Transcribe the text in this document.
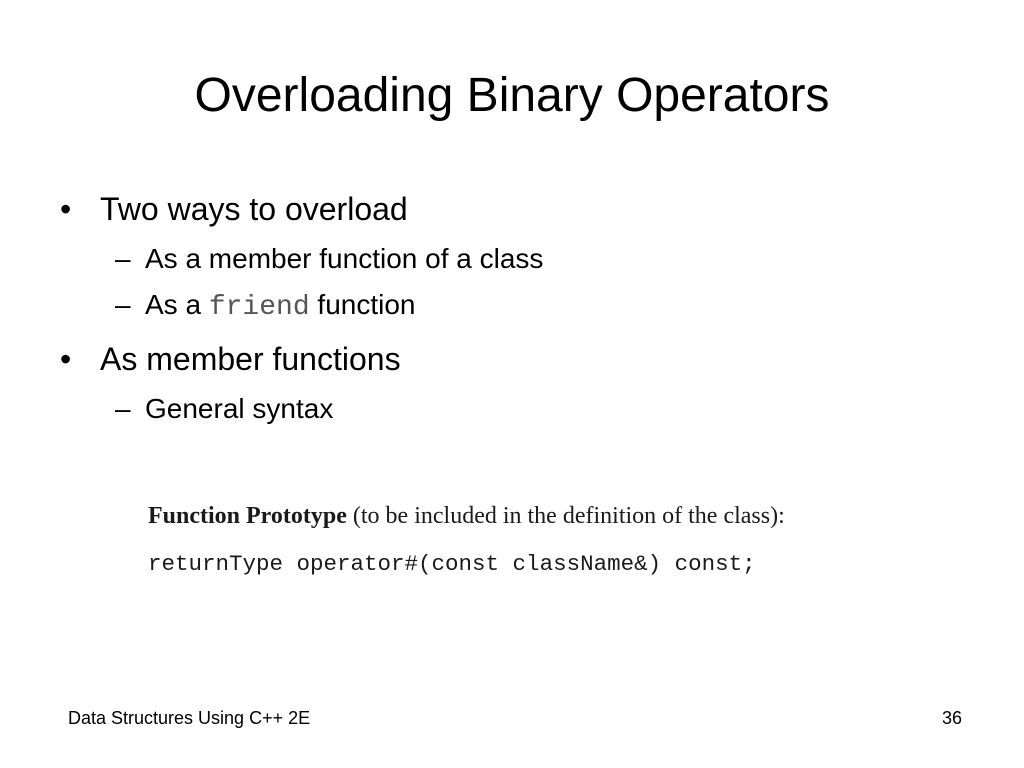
Overloading Binary Operators
• Two ways to overload
– As a member function of a class
– As a friend function
• As member functions
– General syntax
Function Prototype (to be included in the definition of the class):
returnType operator#(const className&) const;
Data Structures Using C++ 2E	36
